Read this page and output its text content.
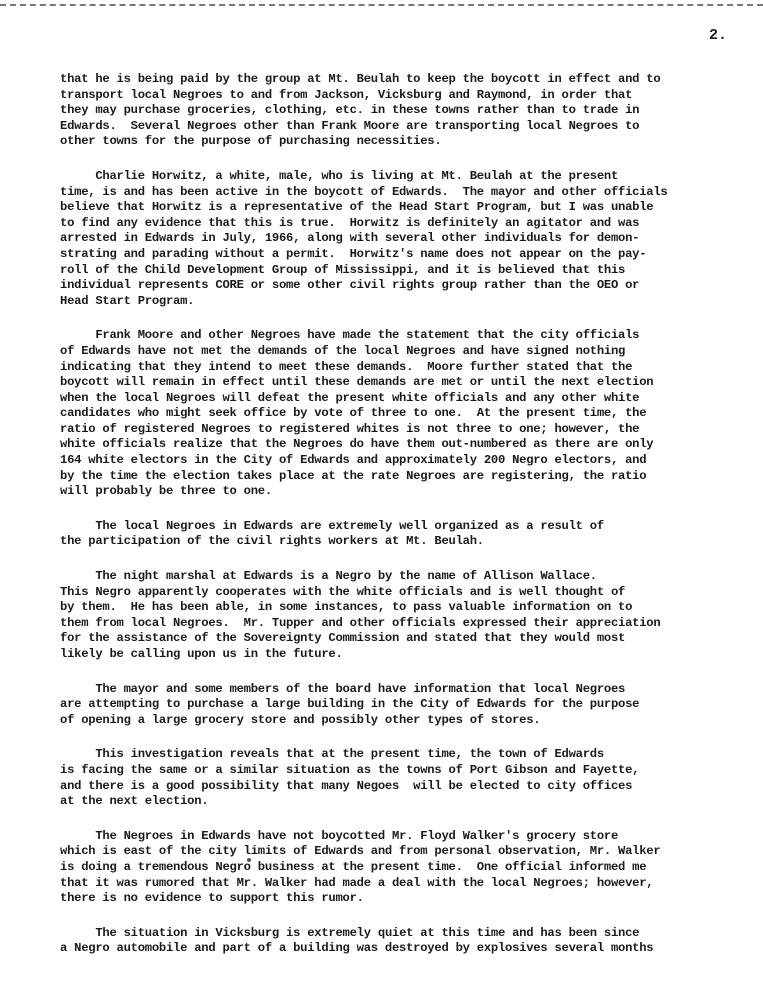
2.
that he is being paid by the group at Mt. Beulah to keep the boycott in effect and to
transport local Negroes to and from Jackson, Vicksburg and Raymond, in order that
they may purchase groceries, clothing, etc. in these towns rather than to trade in
Edwards.  Several Negroes other than Frank Moore are transporting local Negroes to
other towns for the purpose of purchasing necessities.
Charlie Horwitz, a white, male, who is living at Mt. Beulah at the present
time, is and has been active in the boycott of Edwards.  The mayor and other officials
believe that Horwitz is a representative of the Head Start Program, but I was unable
to find any evidence that this is true.  Horwitz is definitely an agitator and was
arrested in Edwards in July, 1966, along with several other individuals for demon-
strating and parading without a permit.  Horwitz's name does not appear on the pay-
roll of the Child Development Group of Mississippi, and it is believed that this
individual represents CORE or some other civil rights group rather than the OEO or
Head Start Program.
Frank Moore and other Negroes have made the statement that the city officials
of Edwards have not met the demands of the local Negroes and have signed nothing
indicating that they intend to meet these demands.  Moore further stated that the
boycott will remain in effect until these demands are met or until the next election
when the local Negroes will defeat the present white officials and any other white
candidates who might seek office by vote of three to one.  At the present time, the
ratio of registered Negroes to registered whites is not three to one; however, the
white officials realize that the Negroes do have them out-numbered as there are only
164 white electors in the City of Edwards and approximately 200 Negro electors, and
by the time the election takes place at the rate Negroes are registering, the ratio
will probably be three to one.
The local Negroes in Edwards are extremely well organized as a result of
the participation of the civil rights workers at Mt. Beulah.
The night marshal at Edwards is a Negro by the name of Allison Wallace.
This Negro apparently cooperates with the white officials and is well thought of
by them.  He has been able, in some instances, to pass valuable information on to
them from local Negroes.  Mr. Tupper and other officials expressed their appreciation
for the assistance of the Sovereignty Commission and stated that they would most
likely be calling upon us in the future.
The mayor and some members of the board have information that local Negroes
are attempting to purchase a large building in the City of Edwards for the purpose
of opening a large grocery store and possibly other types of stores.
This investigation reveals that at the present time, the town of Edwards
is facing the same or a similar situation as the towns of Port Gibson and Fayette,
and there is a good possibility that many Negoes  will be elected to city offices
at the next election.
The Negroes in Edwards have not boycotted Mr. Floyd Walker's grocery store
which is east of the city limits of Edwards and from personal observation, Mr. Walker
is doing a tremendous Negro business at the present time.  One official informed me
that it was rumored that Mr. Walker had made a deal with the local Negroes; however,
there is no evidence to support this rumor.
The situation in Vicksburg is extremely quiet at this time and has been since
a Negro automobile and part of a building was destroyed by explosives several months
